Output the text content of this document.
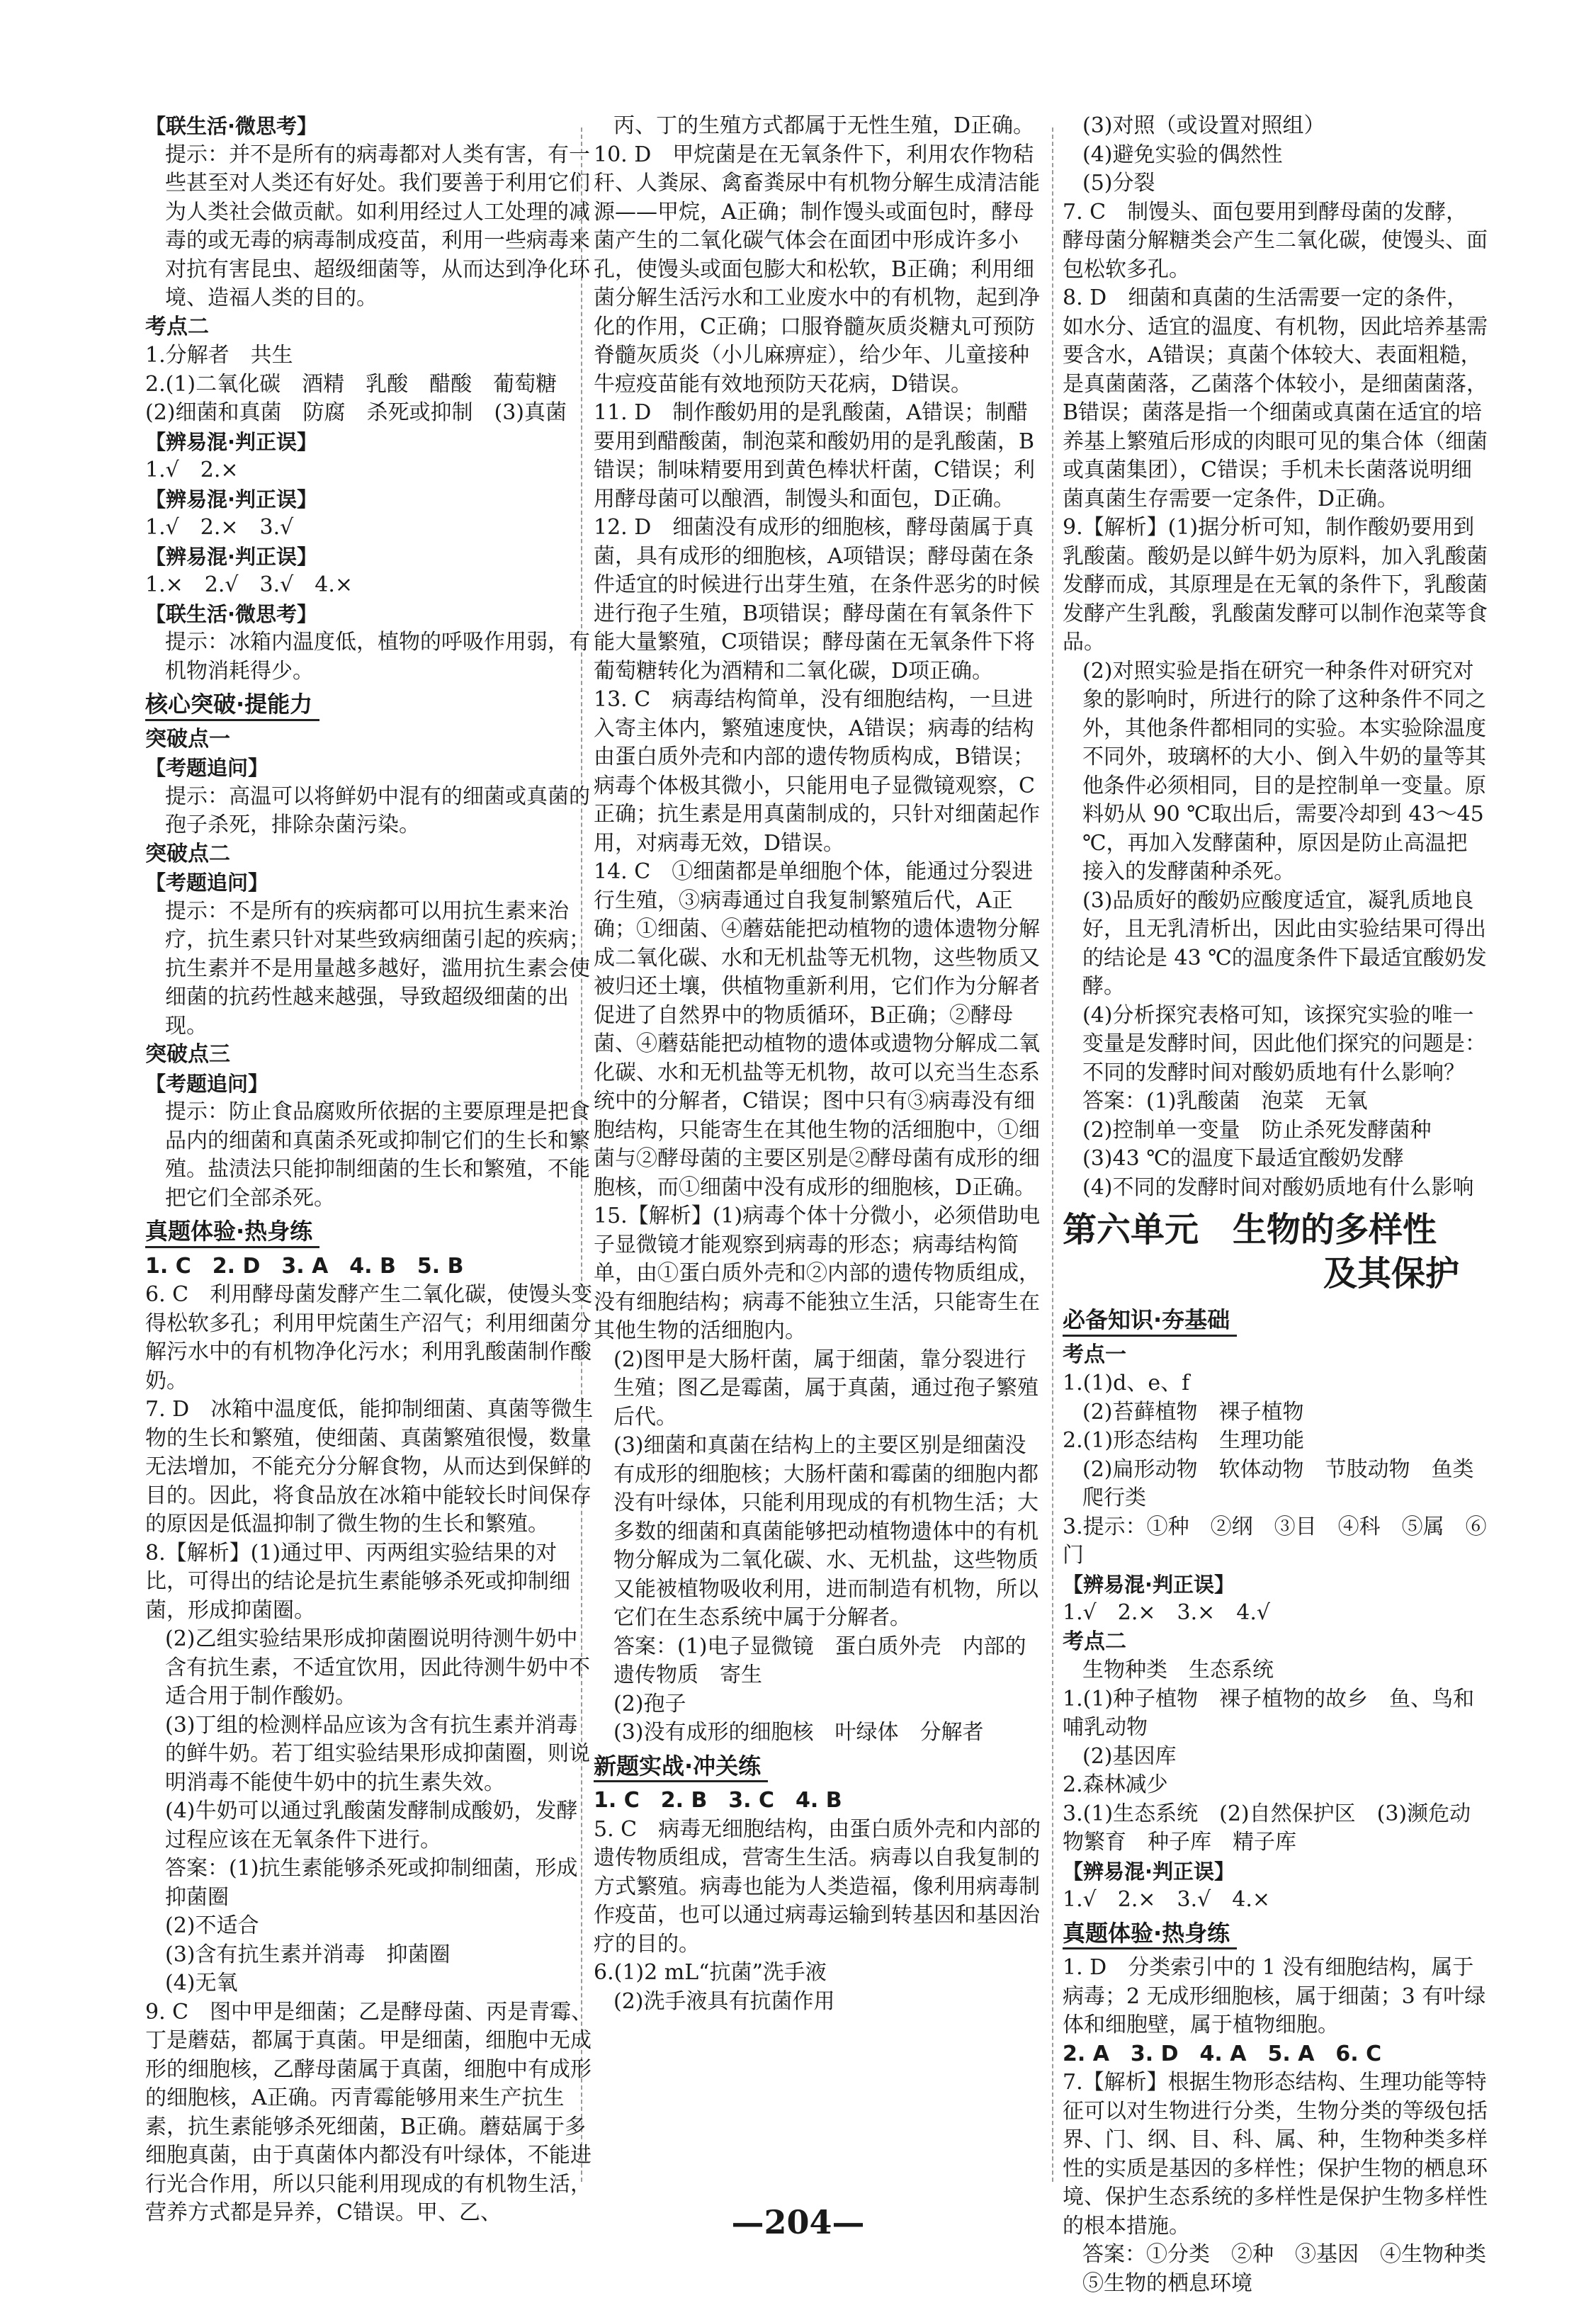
【联生活·微思考】
提示：并不是所有的病毒都对人类有害，有一些甚至对人类还有好处。我们要善于利用它们为人类社会做贡献。如利用经过人工处理的减毒的或无毒的病毒制成疫苗，利用一些病毒来对抗有害昆虫、超级细菌等，从而达到净化环境、造福人类的目的。
考点二
1.分解者　共生
2.(1)二氧化碳　酒精　乳酸　醋酸　葡萄糖　(2)细菌和真菌　防腐　杀死或抑制　(3)真菌
【辨易混·判正误】
1.√　2.×
【辨易混·判正误】
1.√　2.×　3.√
【辨易混·判正误】
1.×　2.√　3.√　4.×
【联生活·微思考】
提示：冰箱内温度低，植物的呼吸作用弱，有机物消耗得少。
核心突破·提能力
突破点一
【考题追问】
提示：高温可以将鲜奶中混有的细菌或真菌的孢子杀死，排除杂菌污染。
突破点二
【考题追问】
提示：不是所有的疾病都可以用抗生素来治疗，抗生素只针对某些致病细菌引起的疾病；抗生素并不是用量越多越好，滥用抗生素会使细菌的抗药性越来越强，导致超级细菌的出现。
突破点三
【考题追问】
提示：防止食品腐败所依据的主要原理是把食品内的细菌和真菌杀死或抑制它们的生长和繁殖。盐渍法只能抑制细菌的生长和繁殖，不能把它们全部杀死。
真题体验·热身练
1. C　2. D　3. A　4. B　5. B
6. C　利用酵母菌发酵产生二氧化碳，使馒头变得松软多孔；利用甲烷菌生产沼气；利用细菌分解污水中的有机物净化污水；利用乳酸菌制作酸奶。
7. D　冰箱中温度低，能抑制细菌、真菌等微生物的生长和繁殖，使细菌、真菌繁殖很慢，数量无法增加，不能充分分解食物，从而达到保鲜的目的。因此，将食品放在冰箱中能较长时间保存的原因是低温抑制了微生物的生长和繁殖。
8.【解析】(1)通过甲、丙两组实验结果的对比，可得出的结论是抗生素能够杀死或抑制细菌，形成抑菌圈。
(2)乙组实验结果形成抑菌圈说明待测牛奶中含有抗生素，不适宜饮用，因此待测牛奶中不适合用于制作酸奶。
(3)丁组的检测样品应该为含有抗生素并消毒的鲜牛奶。若丁组实验结果形成抑菌圈，则说明消毒不能使牛奶中的抗生素失效。
(4)牛奶可以通过乳酸菌发酵制成酸奶，发酵过程应该在无氧条件下进行。
答案：(1)抗生素能够杀死或抑制细菌，形成抑菌圈
(2)不适合
(3)含有抗生素并消毒　抑菌圈
(4)无氧
9. C　图中甲是细菌；乙是酵母菌、丙是青霉、丁是蘑菇，都属于真菌。甲是细菌，细胞中无成形的细胞核，乙酵母菌属于真菌，细胞中有成形的细胞核，A正确。丙青霉能够用来生产抗生素，抗生素能够杀死细菌，B正确。蘑菇属于多细胞真菌，由于真菌体内都没有叶绿体，不能进行光合作用，所以只能利用现成的有机物生活，营养方式都是异养，C错误。甲、乙、
丙、丁的生殖方式都属于无性生殖，D正确。
10. D　甲烷菌是在无氧条件下，利用农作物秸秆、人粪尿、禽畜粪尿中有机物分解生成清洁能源——甲烷，A正确；制作馒头或面包时，酵母菌产生的二氧化碳气体会在面团中形成许多小孔，使馒头或面包膨大和松软，B正确；利用细菌分解生活污水和工业废水中的有机物，起到净化的作用，C正确；口服脊髓灰质炎糖丸可预防脊髓灰质炎（小儿麻痹症），给少年、儿童接种牛痘疫苗能有效地预防天花病，D错误。
11. D　制作酸奶用的是乳酸菌，A错误；制醋要用到醋酸菌，制泡菜和酸奶用的是乳酸菌，B错误；制味精要用到黄色棒状杆菌，C错误；利用酵母菌可以酿酒，制馒头和面包，D正确。
12. D　细菌没有成形的细胞核，酵母菌属于真菌，具有成形的细胞核，A项错误；酵母菌在条件适宜的时候进行出芽生殖，在条件恶劣的时候进行孢子生殖，B项错误；酵母菌在有氧条件下能大量繁殖，C项错误；酵母菌在无氧条件下将葡萄糖转化为酒精和二氧化碳，D项正确。
13. C　病毒结构简单，没有细胞结构，一旦进入寄主体内，繁殖速度快，A错误；病毒的结构由蛋白质外壳和内部的遗传物质构成，B错误；病毒个体极其微小，只能用电子显微镜观察，C正确；抗生素是用真菌制成的，只针对细菌起作用，对病毒无效，D错误。
14. C　①细菌都是单细胞个体，能通过分裂进行生殖，③病毒通过自我复制繁殖后代，A正确；①细菌、④蘑菇能把动植物的遗体遗物分解成二氧化碳、水和无机盐等无机物，这些物质又被归还土壤，供植物重新利用，它们作为分解者促进了自然界中的物质循环，B正确；②酵母菌、④蘑菇能把动植物的遗体或遗物分解成二氧化碳、水和无机盐等无机物，故可以充当生态系统中的分解者，C错误；图中只有③病毒没有细胞结构，只能寄生在其他生物的活细胞中，①细菌与②酵母菌的主要区别是②酵母菌有成形的细胞核，而①细菌中没有成形的细胞核，D正确。
15.【解析】(1)病毒个体十分微小，必须借助电子显微镜才能观察到病毒的形态；病毒结构简单，由①蛋白质外壳和②内部的遗传物质组成，没有细胞结构；病毒不能独立生活，只能寄生在其他生物的活细胞内。
(2)图甲是大肠杆菌，属于细菌，靠分裂进行生殖；图乙是霉菌，属于真菌，通过孢子繁殖后代。
(3)细菌和真菌在结构上的主要区别是细菌没有成形的细胞核；大肠杆菌和霉菌的细胞内都没有叶绿体，只能利用现成的有机物生活；大多数的细菌和真菌能够把动植物遗体中的有机物分解成为二氧化碳、水、无机盐，这些物质又能被植物吸收利用，进而制造有机物，所以它们在生态系统中属于分解者。
答案：(1)电子显微镜　蛋白质外壳　内部的遗传物质　寄生
(2)孢子
(3)没有成形的细胞核　叶绿体　分解者
新题实战·冲关练
1. C　2. B　3. C　4. B
5. C　病毒无细胞结构，由蛋白质外壳和内部的遗传物质组成，营寄生生活。病毒以自我复制的方式繁殖。病毒也能为人类造福，像利用病毒制作疫苗，也可以通过病毒运输到转基因和基因治疗的目的。
6.(1)2 mL“抗菌”洗手液
(2)洗手液具有抗菌作用
(3)对照（或设置对照组）
(4)避免实验的偶然性
(5)分裂
7. C　制馒头、面包要用到酵母菌的发酵，酵母菌分解糖类会产生二氧化碳，使馒头、面包松软多孔。
8. D　细菌和真菌的生活需要一定的条件，如水分、适宜的温度、有机物，因此培养基需要含水，A错误；真菌个体较大、表面粗糙，是真菌菌落，乙菌落个体较小，是细菌菌落，B错误；菌落是指一个细菌或真菌在适宜的培养基上繁殖后形成的肉眼可见的集合体（细菌或真菌集团），C错误；手机未长菌落说明细菌真菌生存需要一定条件，D正确。
9.【解析】(1)据分析可知，制作酸奶要用到乳酸菌。酸奶是以鲜牛奶为原料，加入乳酸菌发酵而成，其原理是在无氧的条件下，乳酸菌发酵产生乳酸，乳酸菌发酵可以制作泡菜等食品。
(2)对照实验是指在研究一种条件对研究对象的影响时，所进行的除了这种条件不同之外，其他条件都相同的实验。本实验除温度不同外，玻璃杯的大小、倒入牛奶的量等其他条件必须相同，目的是控制单一变量。原料奶从 90 ℃取出后，需要冷却到 43～45 ℃，再加入发酵菌种，原因是防止高温把接入的发酵菌种杀死。
(3)品质好的酸奶应酸度适宜，凝乳质地良好，且无乳清析出，因此由实验结果可得出的结论是 43 ℃的温度条件下最适宜酸奶发酵。
(4)分析探究表格可知，该探究实验的唯一变量是发酵时间，因此他们探究的问题是：不同的发酵时间对酸奶质地有什么影响？
答案：(1)乳酸菌　泡菜　无氧
(2)控制单一变量　防止杀死发酵菌种
(3)43 ℃的温度下最适宜酸奶发酵
(4)不同的发酵时间对酸奶质地有什么影响
第六单元　生物的多样性
及其保护
必备知识·夯基础
考点一
1.(1)d、e、f
(2)苔藓植物　裸子植物
2.(1)形态结构　生理功能
(2)扁形动物　软体动物　节肢动物　鱼类　爬行类
3.提示：①种　②纲　③目　④科　⑤属　⑥门
【辨易混·判正误】
1.√　2.×　3.×　4.√
考点二
生物种类　生态系统
1.(1)种子植物　裸子植物的故乡　鱼、鸟和哺乳动物
(2)基因库
2.森林减少
3.(1)生态系统　(2)自然保护区　(3)濒危动物繁育　种子库　精子库
【辨易混·判正误】
1.√　2.×　3.√　4.×
真题体验·热身练
1. D　分类索引中的 1 没有细胞结构，属于病毒；2 无成形细胞核，属于细菌；3 有叶绿体和细胞壁，属于植物细胞。
2. A　3. D　4. A　5. A　6. C
7.【解析】根据生物形态结构、生理功能等特征可以对生物进行分类，生物分类的等级包括界、门、纲、目、科、属、种，生物种类多样性的实质是基因的多样性；保护生物的栖息环境、保护生态系统的多样性是保护生物多样性的根本措施。
答案：①分类　②种　③基因　④生物种类　⑤生物的栖息环境
—204—
